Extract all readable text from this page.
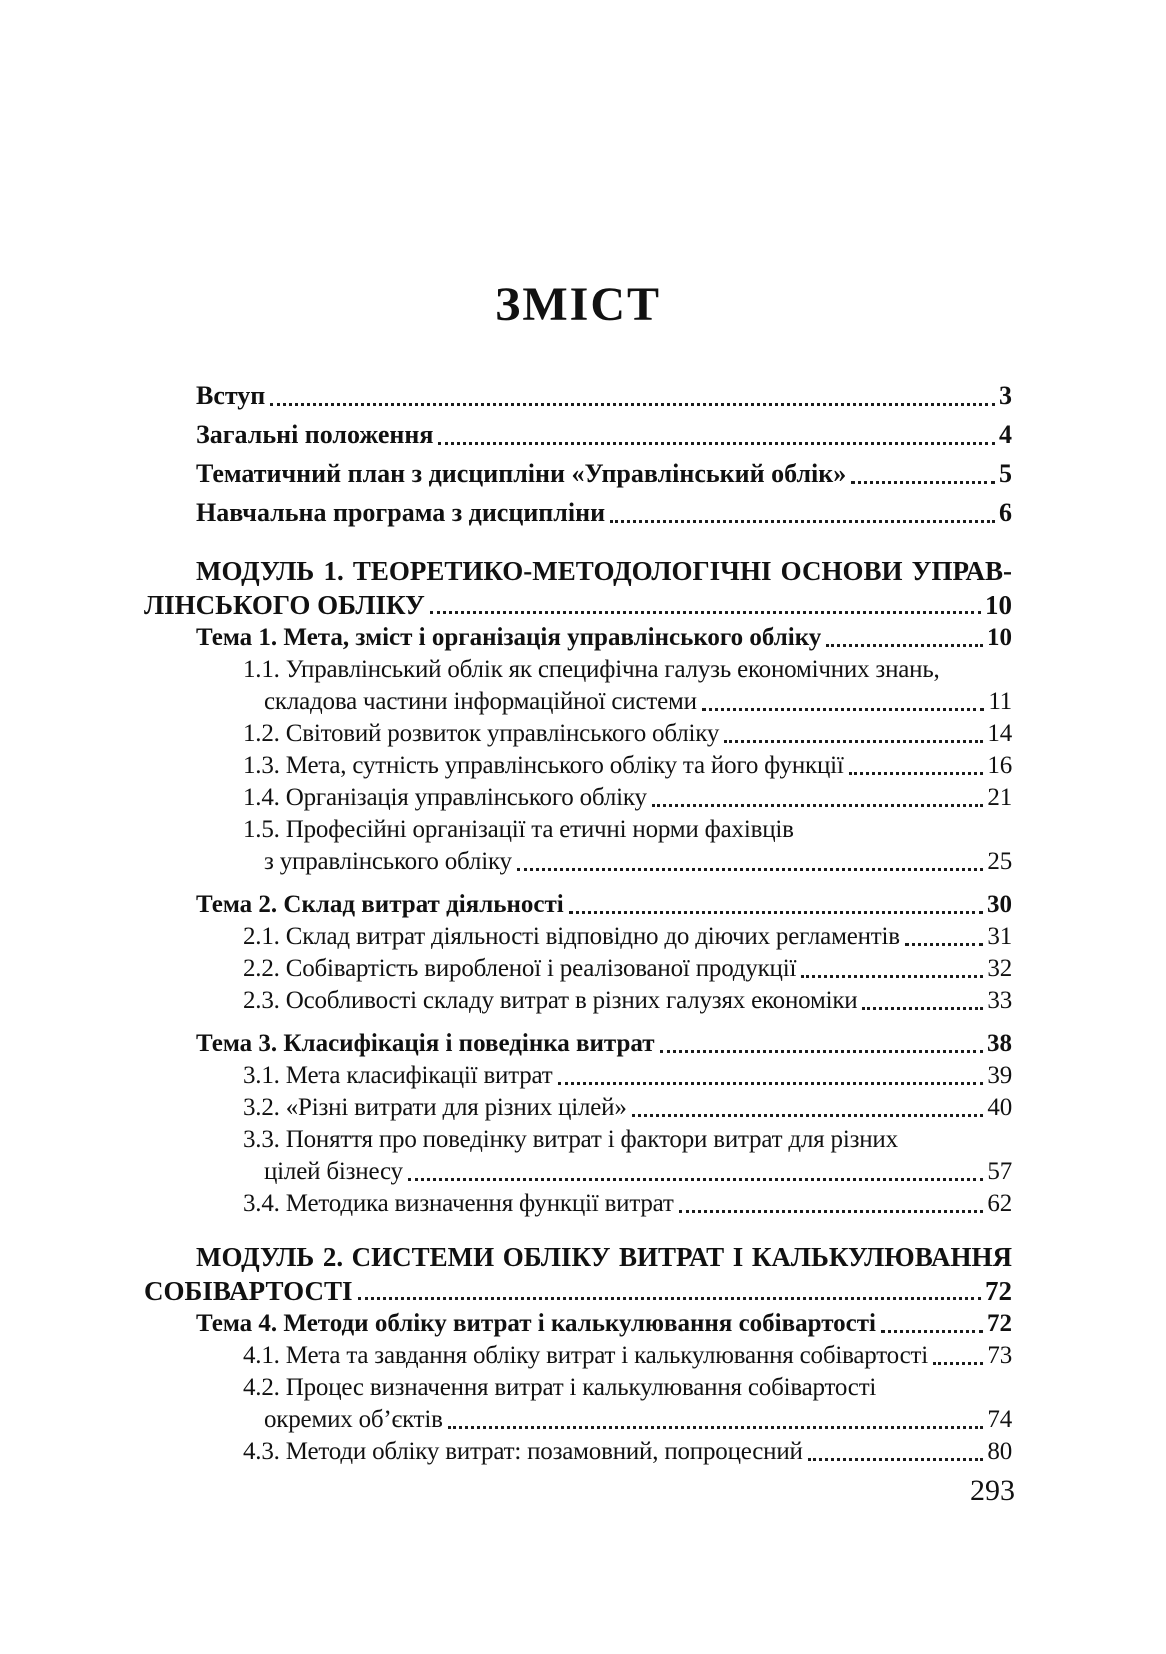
ЗМІСТ
Вступ	3
Загальні положення	4
Тематичний план з дисципліни «Управлінський облік»	5
Навчальна програма з дисципліни	6
МОДУЛЬ 1. ТЕОРЕТИКО-МЕТОДОЛОГІЧНІ ОСНОВИ УПРАВ-
ЛІНСЬКОГО ОБЛІКУ	10
Тема 1. Мета, зміст і організація управлінського обліку	10
1.1. Управлінський облік як специфічна галузь економічних знань,
складова частини інформаційної системи	11
1.2. Світовий розвиток управлінського обліку	14
1.3. Мета, сутність управлінського обліку та його функції	16
1.4. Організація управлінського обліку	21
1.5. Професійні організації та етичні норми фахівців
з управлінського обліку	25
Тема 2. Склад витрат діяльності	30
2.1. Склад витрат діяльності відповідно до діючих регламентів	31
2.2. Собівартість виробленої і реалізованої продукції	32
2.3. Особливості складу витрат в різних галузях економіки	33
Тема 3. Класифікація і поведінка витрат	38
3.1. Мета класифікації витрат	39
3.2. «Різні витрати для різних цілей»	40
3.3. Поняття про поведінку витрат і фактори витрат для різних
цілей бізнесу	57
3.4. Методика визначення функції витрат	62
МОДУЛЬ 2. СИСТЕМИ ОБЛІКУ ВИТРАТ І КАЛЬКУЛЮВАННЯ
СОБІВАРТОСТІ	72
Тема 4. Методи обліку витрат і калькулювання собівартості	72
4.1. Мета та завдання обліку витрат і калькулювання собівартості 73
4.2. Процес визначення витрат і калькулювання собівартості
окремих об’єктів	74
4.3. Методи обліку витрат: позамовний, попроцесний	80
293
